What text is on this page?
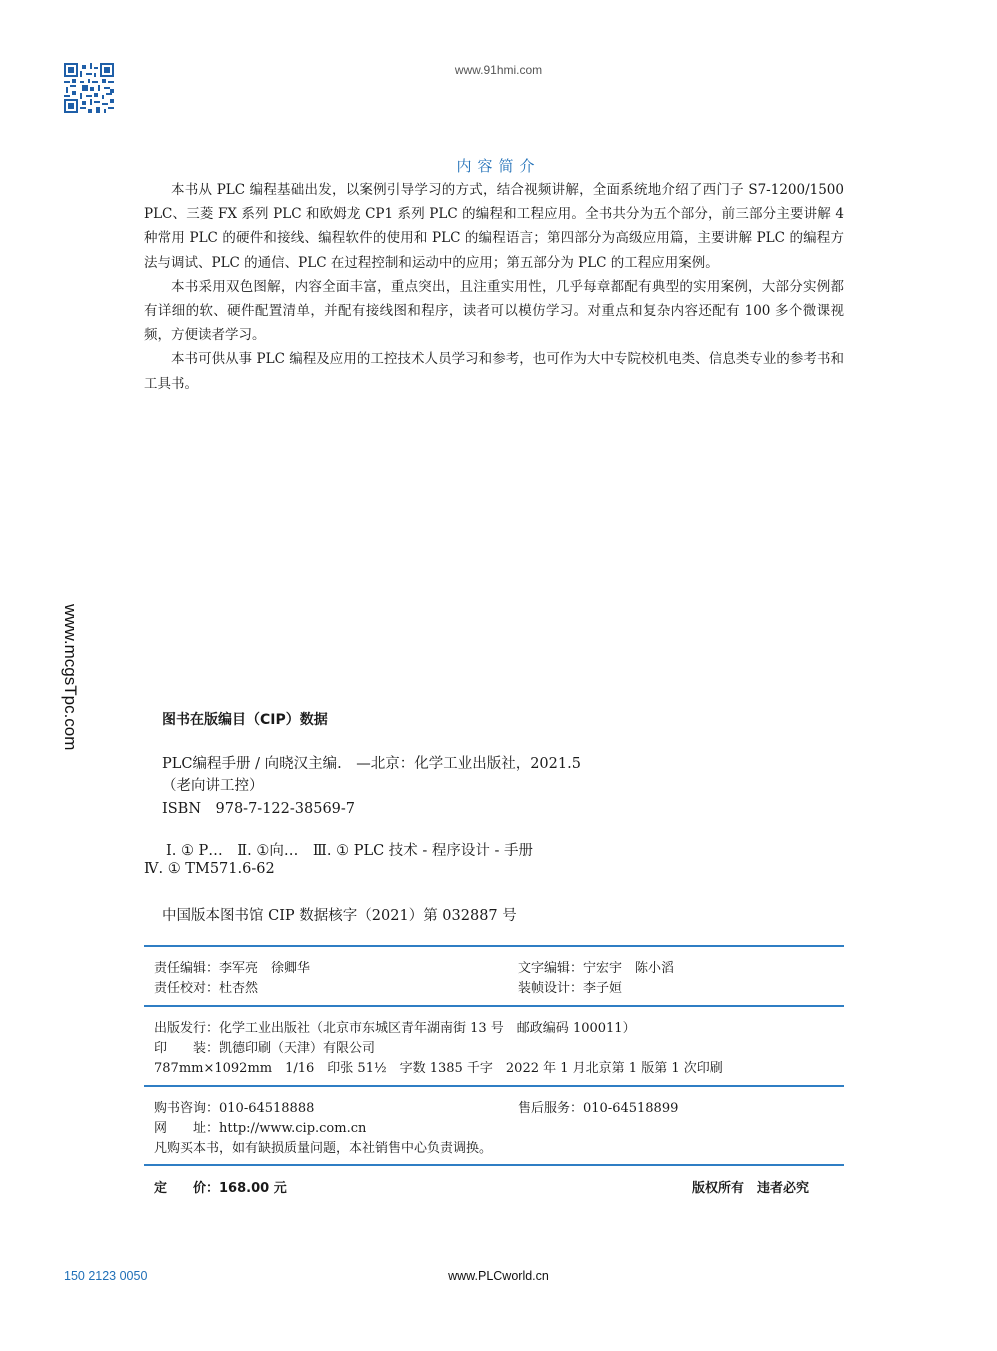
www.91hmi.com
www.mcgsTpc.com
内容简介

本书从 PLC 编程基础出发，以案例引导学习的方式，结合视频讲解，全面系统地介绍了西门子 S7-1200/1500 PLC、三菱 FX 系列 PLC 和欧姆龙 CP1 系列 PLC 的编程和工程应用。全书共分为五个部分，前三部分主要讲解 4 种常用 PLC 的硬件和接线、编程软件的使用和 PLC 的编程语言；第四部分为高级应用篇，主要讲解 PLC 的编程方法与调试、PLC 的通信、PLC 在过程控制和运动中的应用；第五部分为 PLC 的工程应用案例。

本书采用双色图解，内容全面丰富，重点突出，且注重实用性，几乎每章都配有典型的实用案例，大部分实例都有详细的软、硬件配置清单，并配有接线图和程序，读者可以模仿学习。对重点和复杂内容还配有 100 多个微课视频，方便读者学习。

本书可供从事 PLC 编程及应用的工控技术人员学习和参考，也可作为大中专院校机电类、信息类专业的参考书和工具书。

图书在版编目（CIP）数据
PLC编程手册 / 向晓汉主编.　—北京：化学工业出版社，2021.5
（老向讲工控）
ISBN　978-7-122-38569-7
Ⅰ. ① P…　Ⅱ. ①向…　Ⅲ. ① PLC 技术 - 程序设计 - 手册
Ⅳ. ① TM571.6-62
中国版本图书馆 CIP 数据核字（2021）第 032887 号
责任编辑：李军亮　徐卿华	文字编辑：宁宏宇　陈小滔
责任校对：杜杏然	装帧设计：李子姮
出版发行：化学工业出版社（北京市东城区青年湖南街 13 号　邮政编码 100011）
印　　装：凯德印刷（天津）有限公司
787mm×1092mm　1/16　印张 51½　字数 1385 千字　2022 年 1 月北京第 1 版第 1 次印刷
购书咨询：010-64518888	售后服务：010-64518899
网　　址：http://www.cip.com.cn
凡购买本书，如有缺损质量问题，本社销售中心负责调换。
定　　价：168.00 元	版权所有　违者必究
150 2123 0050	www.PLCworld.cn
